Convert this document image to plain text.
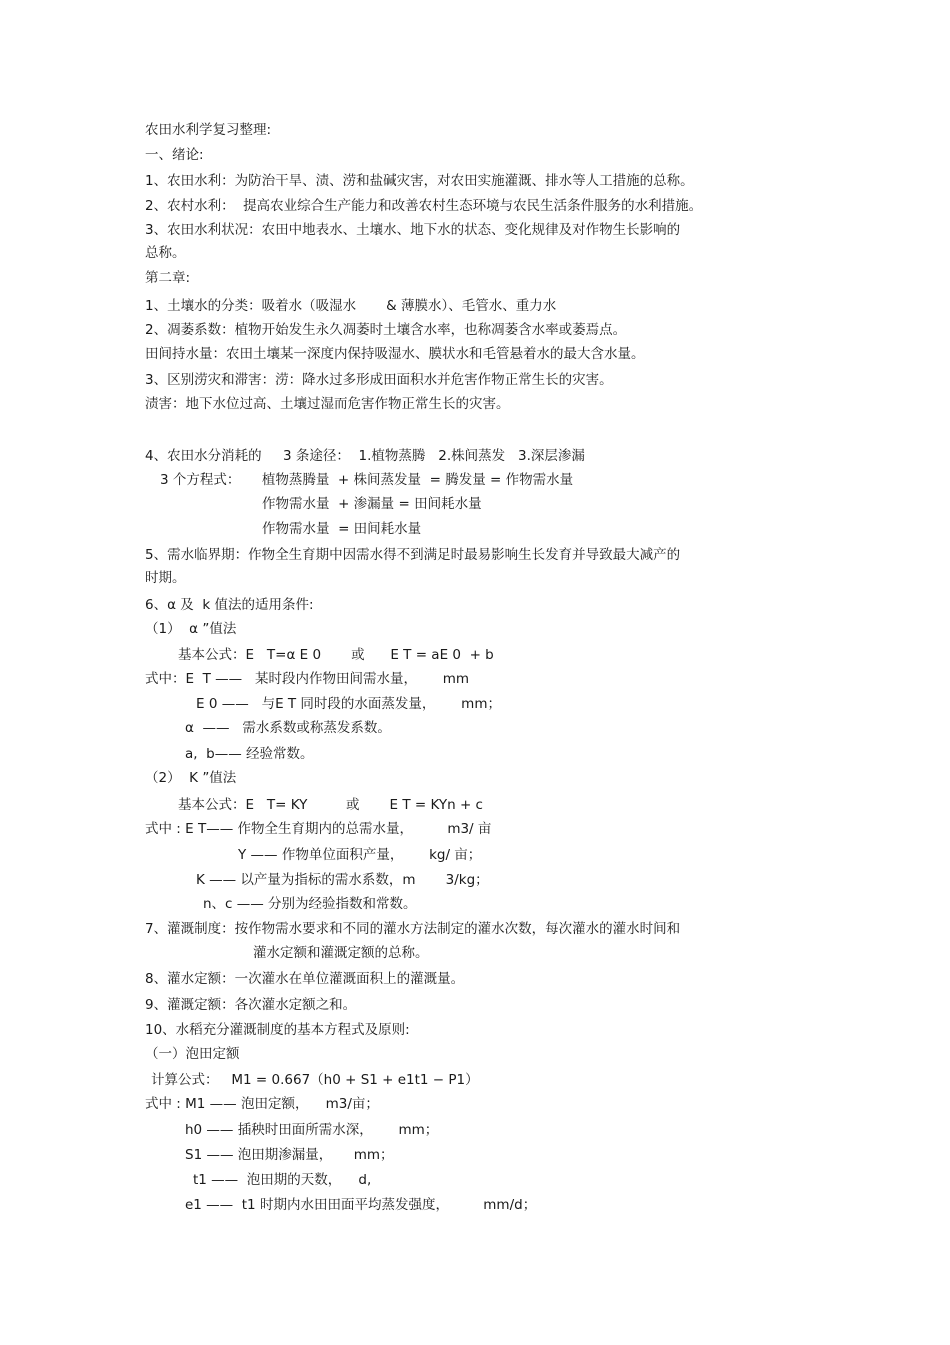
农田水利学复习整理:
一、绪论:
1、农田水利：为防治干旱、渍、涝和盐碱灾害，对农田实施灌溉、排水等人工措施的总称。
2、农村水利：  提高农业综合生产能力和改善农村生态环境与农民生活条件服务的水利措施。
3、农田水利状况：农田中地表水、土壤水、地下水的状态、变化规律及对作物生长影响的
总称。
第二章:
1、土壤水的分类：吸着水（吸湿水       & 薄膜水）、毛管水、重力水
2、凋萎系数：植物开始发生永久凋萎时土壤含水率，也称凋萎含水率或萎焉点。
田间持水量：农田土壤某一深度内保持吸湿水、膜状水和毛管悬着水的最大含水量。
3、区别涝灾和滞害：涝：降水过多形成田面积水并危害作物正常生长的灾害。
渍害：地下水位过高、土壤过湿而危害作物正常生长的灾害。
4、农田水分消耗的     3 条途径：  1.植物蒸腾   2.株间蒸发   3.深层渗漏
3 个方程式：     植物蒸腾量  + 株间蒸发量  = 腾发量 = 作物需水量
作物需水量  + 渗漏量 = 田间耗水量
作物需水量  = 田间耗水量
5、需水临界期：作物全生育期中因需水得不到满足时最易影响生长发育并导致最大减产的
时期。
6、α 及  k 值法的适用条件:
（1）  α ”值法
基本公式：E   T=α E 0       或      E T = aE 0  + b
式中：E  T ——   某时段内作物田间需水量，      mm
E 0 ——   与E T 同时段的水面蒸发量，      mm；
α  ——   需水系数或称蒸发系数。
a,  b—— 经验常数。
（2）  K ”值法
基本公式：E   T= KY         或       E T = KYn + c
式中 : E T—— 作物全生育期内的总需水量，        m3/ 亩
Y —— 作物单位面积产量，      kg/ 亩；
K —— 以产量为指标的需水系数，m       3/kg；
n、c —— 分别为经验指数和常数。
7、灌溉制度：按作物需水要求和不同的灌水方法制定的灌水次数，每次灌水的灌水时间和
灌水定额和灌溉定额的总称。
8、灌水定额：一次灌水在单位灌溉面积上的灌溉量。
9、灌溉定额：各次灌水定额之和。
10、水稻充分灌溉制度的基本方程式及原则:
（一）泡田定额
计算公式：   M1 = 0.667（h0 + S1 + e1t1 − P1）
式中 : M1 —— 泡田定额，    m3/亩；
h0 —— 插秧时田面所需水深，      mm；
S1 —— 泡田期渗漏量，     mm；
t1 ——  泡田期的天数，    d,
e1 ——  t1 时期内水田田面平均蒸发强度，        mm/d；
